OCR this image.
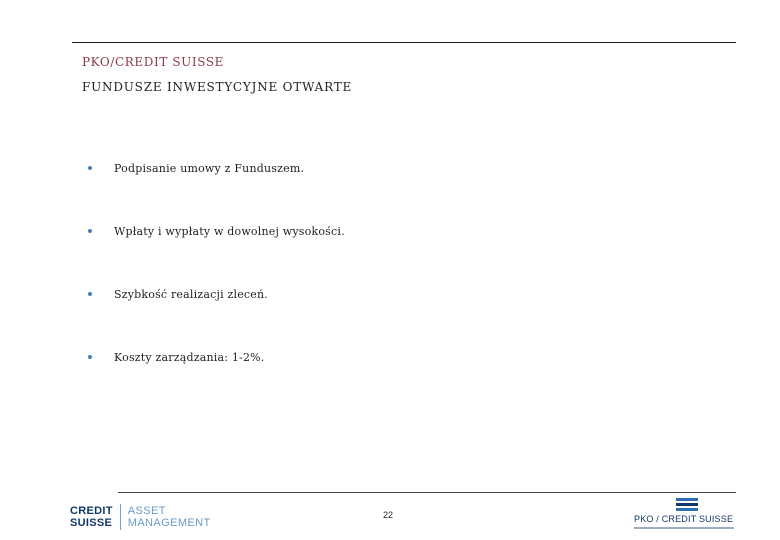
PKO/CREDIT SUISSE
FUNDUSZE INWESTYCYJNE OTWARTE
Podpisanie umowy z Funduszem.
Wpłaty i wypłaty w dowolnej wysokości.
Szybkość realizacji zleceń.
Koszty zarządzania: 1-2%.
CREDIT
SUISSE
ASSET
MANAGEMENT
22	PKO / CREDIT SUISSE
